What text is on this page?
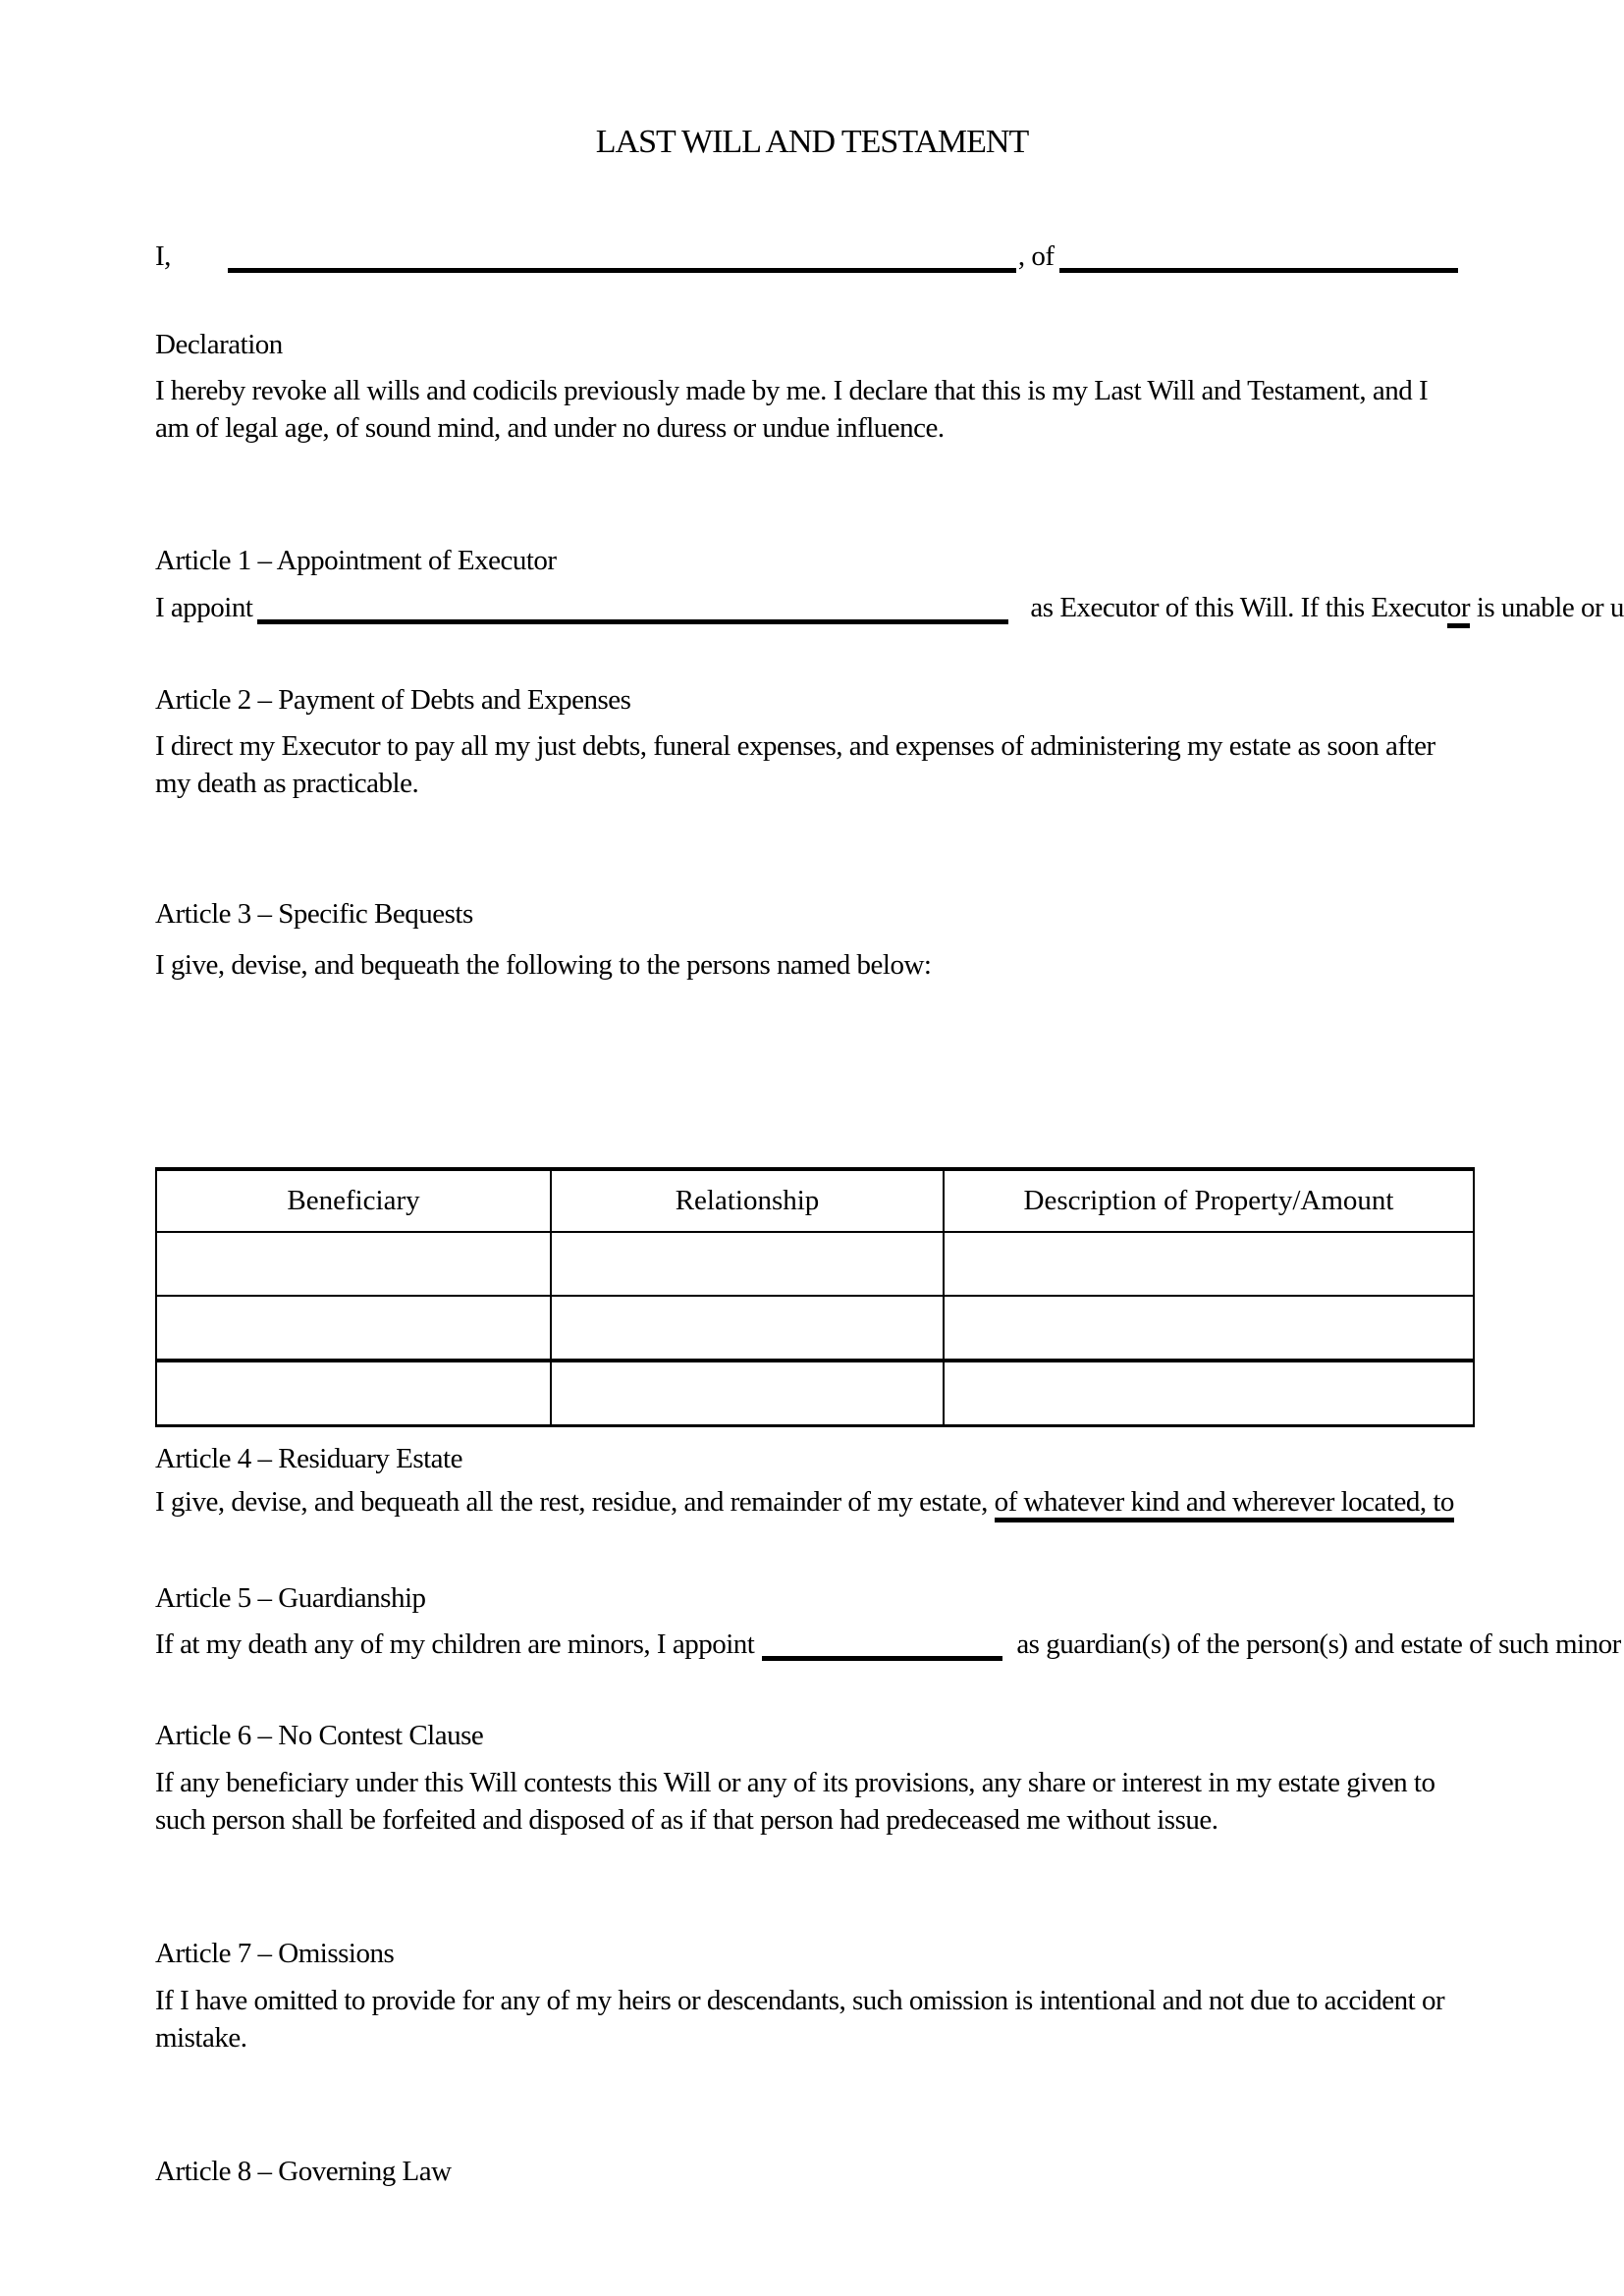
LAST WILL AND TESTAMENT
I,	, of
Declaration
I hereby revoke all wills and codicils previously made by me. I declare that this is my Last Will and Testament, and I
am of legal age, of sound mind, and under no duress or undue influence.
Article 1 – Appointment of Executor
I appoint	as Executor of this Will. If this Executor is unable or u
Article 2 – Payment of Debts and Expenses
I direct my Executor to pay all my just debts, funeral expenses, and expenses of administering my estate as soon after
my death as practicable.
Article 3 – Specific Bequests
I give, devise, and bequeath the following to the persons named below:
Beneficiary	Relationship	Description of Property/Amount

Article 4 – Residuary Estate
I give, devise, and bequeath all the rest, residue, and remainder of my estate, of whatever kind and wherever located, to
Article 5 – Guardianship
If at my death any of my children are minors, I appoint	as guardian(s) of the person(s) and estate of such minor
Article 6 – No Contest Clause
If any beneficiary under this Will contests this Will or any of its provisions, any share or interest in my estate given to
such person shall be forfeited and disposed of as if that person had predeceased me without issue.
Article 7 – Omissions
If I have omitted to provide for any of my heirs or descendants, such omission is intentional and not due to accident or
mistake.
Article 8 – Governing Law
